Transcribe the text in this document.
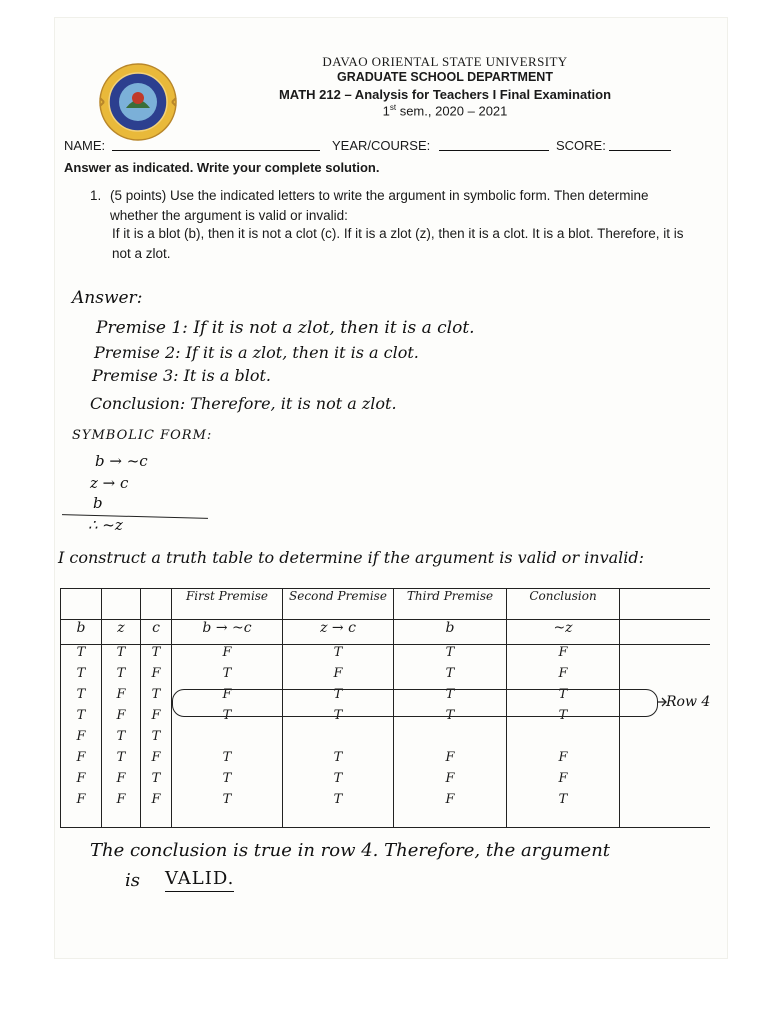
DAVAO ORIENTAL STATE UNIVERSITY
GRADUATE SCHOOL DEPARTMENT
MATH 212 – Analysis for Teachers I Final Examination
1st sem., 2020 – 2021
NAME:	YEAR/COURSE:	SCORE:
Answer as indicated. Write your complete solution.
1. (5 points) Use the indicated letters to write the argument in symbolic form. Then determine whether the argument is valid or invalid:
If it is a blot (b), then it is not a clot (c). If it is a zlot (z), then it is a clot. It is a blot. Therefore, it is not a zlot.
Answer:
Premise 1: If it is not a zlot, then it is a clot.
Premise 2: If it is a zlot, then it is a clot.
Premise 3: It is a blot.
Conclusion: Therefore, it is not a zlot.
SYMBOLIC FORM:
b → ~c
z → c
b
∴ ~z
I construct a truth table to determine if the argument is valid or invalid:
			First Premise	Second Premise	Third Premise	Conclusion	
b	z	c	b → ~c	z → c	b	~z	
T	T	T	F	T	T	F	
T	T	F	T	F	T	F	
T	F	T	F	T	T	T	
T	F	F	T	T	T	T	
F	T	T					
F	T	F	T	T	F	F	
F	F	T	T	T	F	F	
F	F	F	T	T	F	T	

Row 4
The conclusion is true in row 4. Therefore, the argument
is VALID.
